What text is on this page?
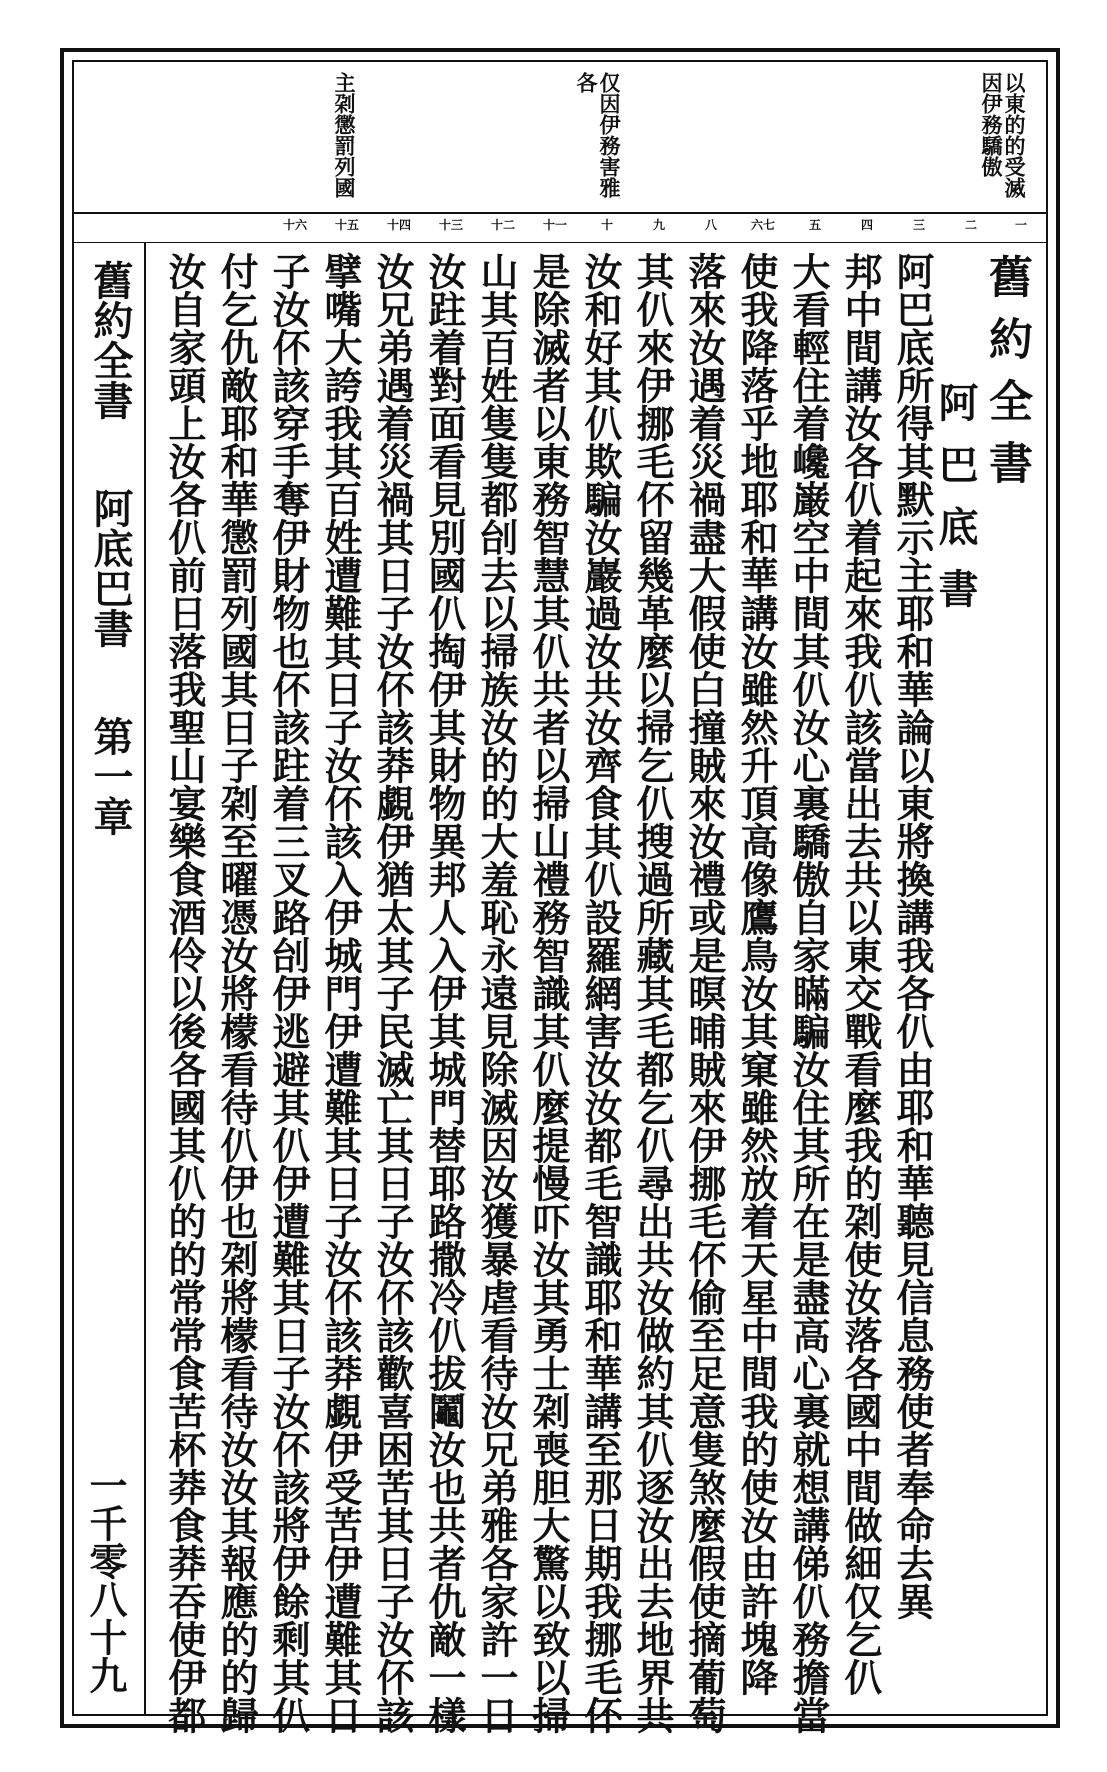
以東的的受滅因伊務驕傲
仅因伊務害雅各
主刴懲罰列國
一
二
三
四
五
六七
八
九
十
十一
十二
十三
十四
十五
十六
舊約全書 　 阿底巴書 　 第一章
一千零八十九
舊約全書
阿巴底書
阿巴底所得其默示主耶和華論以東將換講我各仈由耶和華聽見信息務使者奉命去異
邦中間講汝各仈着起來我仈該當出去共以東交戰看麼我的刴使汝落各國中間做細仅乞仈
大看輕住着巉巌空中間其仈汝心裏驕傲自家瞞騙汝住其所在是盡高心裏就想講俤仈務擔當
使我降落乎地耶和華講汝雖然升頂高像鷹鳥汝其窠雖然放着天星中間我的使汝由許塊降
落來汝遇着災禍盡大假使白撞賊來汝禮或是暝晡賊來伊挪毛伓偷至足意隻煞麼假使摘葡萄
其仈來伊挪毛伓留幾革麼以掃乞仈搜過所藏其毛都乞仈尋出共汝做約其仈逐汝出去地界共
汝和好其仈欺騙汝巖過汝共汝齊食其仈設羅網害汝汝都毛智識耶和華講至那日期我挪毛伓
是除滅者以東務智慧其仈共者以掃山禮務智識其仈麼提慢吓汝其勇士刴喪胆大驚以致以掃
山其百姓隻隻都刣去以掃族汝的的大羞恥永遠見除滅因汝獲暴虐看待汝兄弟雅各家許一日
汝跓着對面看見別國仈掏伊其財物異邦人入伊其城門替耶路撒冷仈拔鬮汝也共者仇敵一樣
汝兄弟遇着災禍其日子汝伓該莽覷伊猶太其子民滅亡其日子汝伓該歡喜困苦其日子汝伓該
擘嘴大誇我其百姓遭難其日子汝伓該入伊城門伊遭難其日子汝伓該莽覷伊受苦伊遭難其日
子汝伓該穿手奪伊財物也伓該跓着三叉路刣伊逃避其仈伊遭難其日子汝伓該將伊餘剩其仈
付乞仇敵耶和華懲罰列國其日子刴至曜憑汝將檬看待仈伊也刴將檬看待汝汝其報應的的歸
汝自家頭上汝各仈前日落我聖山宴樂食酒伶以後各國其仈的的常常食苦杯莽食莽吞使伊都
